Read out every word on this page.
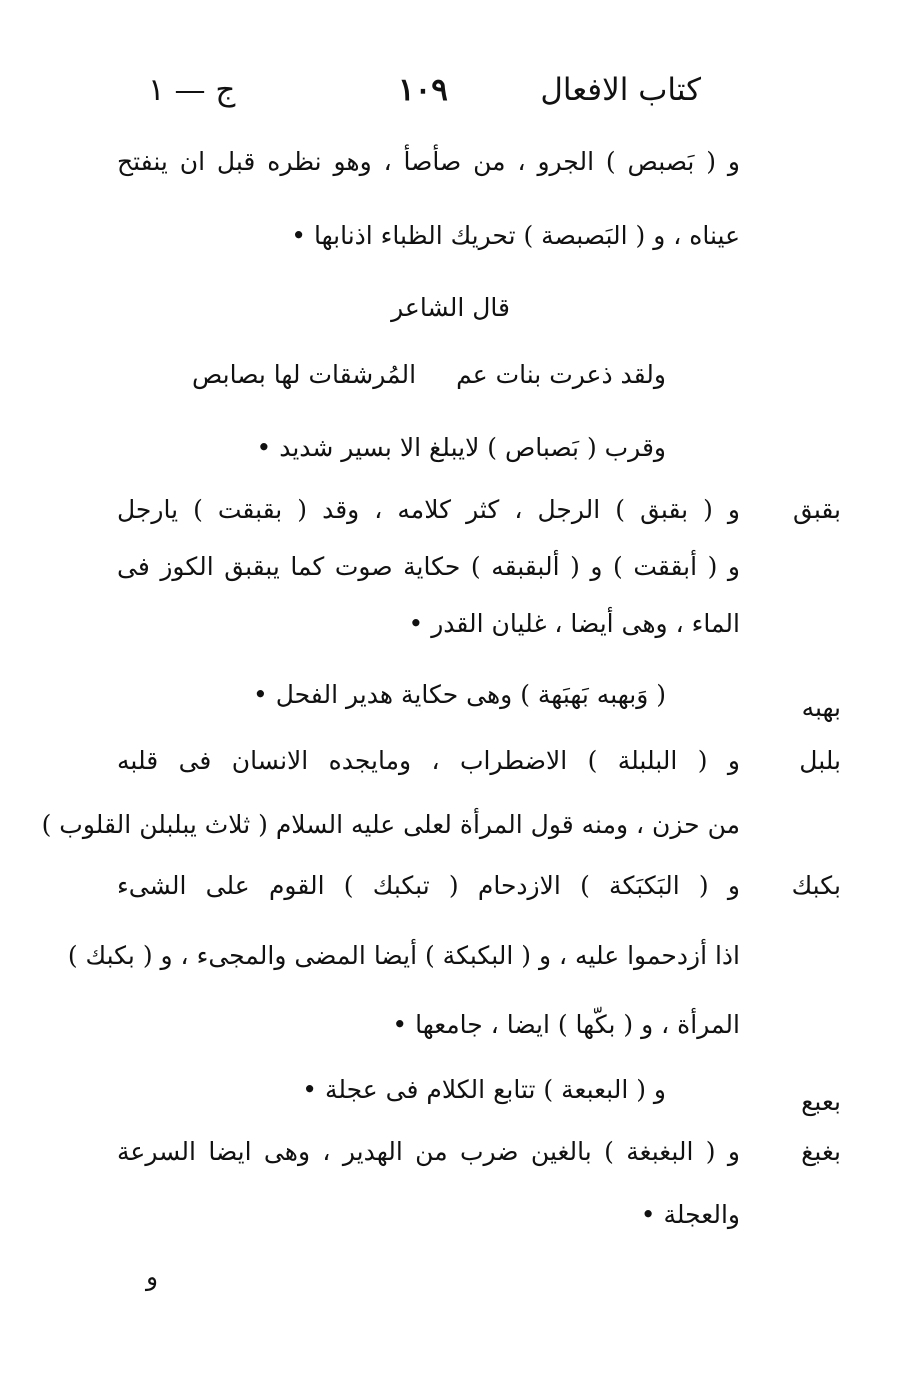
كتاب الافعال
١٠٩
ج — ١
و ( بَصبص ) الجرو ، من صأصأ ، وهو نظره قبل ان ينفتح
عيناه ، و ( البَصبصة ) تحريك الظباء اذنابها •
قال الشاعر
ولقد ذعرت بنات عم
المُرشقات لها بصابص
وقرب ( بَصباص ) لايبلغ الا بسير شديد •
بقبق
و ( بقبق ) الرجل ، كثر كلامه ، وقد ( بقبقت ) يارجل
و ( أبققت ) و ( ألبقبقه ) حكاية صوت كما يبقبق الكوز فى
الماء ، وهى أيضا ، غليان القدر •
بهبه
( وَبهبه بَهبَهة ) وهى حكاية هدير الفحل •
بلبل
و ( البلبلة ) الاضطراب ، ومايجده الانسان فى قلبه
من حزن ، ومنه قول المرأة لعلى عليه السلام ( ثلاث يبلبلن القلوب )
بكبك
و ( البَكبَكة ) الازدحام ( تبكبك ) القوم على الشىء
اذا أزدحموا عليه ، و ( البكبكة ) أيضا المضى والمجىء ، و ( بكبك )
المرأة ، و ( بكّها ) ايضا ، جامعها •
بعبع
و ( البعبعة ) تتابع الكلام فى عجلة •
بغبغ
و ( البغبغة ) بالغين ضرب من الهدير ، وهى ايضا السرعة
والعجلة •
و
